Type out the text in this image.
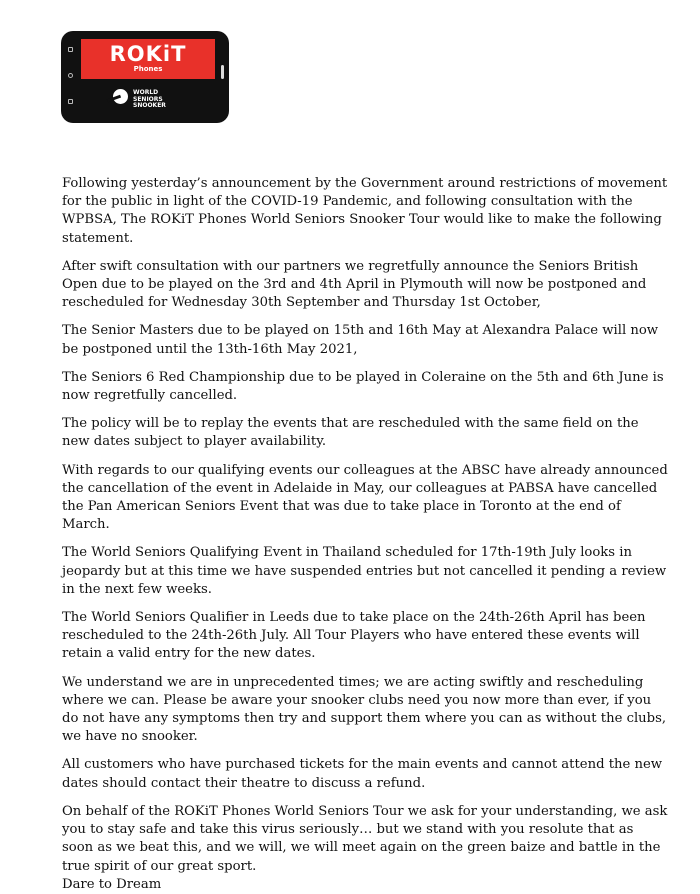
ROKiT
Phones
WORLD
SENIORS
SNOOKER

Following yesterday’s announcement by the Government around restrictions of movement for the public in light of the COVID-19 Pandemic, and following consultation with the WPBSA, The ROKiT Phones World Seniors Snooker Tour would like to make the following statement.

After swift consultation with our partners we regretfully announce the Seniors British Open due to be played on the 3rd and 4th April in Plymouth will now be postponed and rescheduled for Wednesday 30th September and Thursday 1st October,

The Senior Masters due to be played on 15th and 16th May at Alexandra Palace will now be postponed until the 13th-16th May 2021,

The Seniors 6 Red Championship due to be played in Coleraine on the 5th and 6th June is now regretfully cancelled.

The policy will be to replay the events that are rescheduled with the same field on the new dates subject to player availability.

With regards to our qualifying events our colleagues at the ABSC have already announced the cancellation of the event in Adelaide in May, our colleagues at PABSA have cancelled the Pan American Seniors Event that was due to take place in Toronto at the end of March.

The World Seniors Qualifying Event in Thailand scheduled for 17th-19th July looks in jeopardy but at this time we have suspended entries but not cancelled it pending a review in the next few weeks.

The World Seniors Qualifier in Leeds due to take place on the 24th-26th April has been rescheduled to the 24th-26th July. All Tour Players who have entered these events will retain a valid entry for the new dates.

We understand we are in unprecedented times; we are acting swiftly and rescheduling where we can. Please be aware your snooker clubs need you now more than ever, if you do not have any symptoms then try and support them where you can as without the clubs, we have no snooker.

All customers who have purchased tickets for the main events and cannot attend the new dates should contact their theatre to discuss a refund.

On behalf of the ROKiT Phones World Seniors Tour we ask for your understanding, we ask you to stay safe and take this virus seriously… but we stand with you resolute that as soon as we beat this, and we will, we will meet again on the green baize and battle in the true spirit of our great sport.

Dare to Dream
